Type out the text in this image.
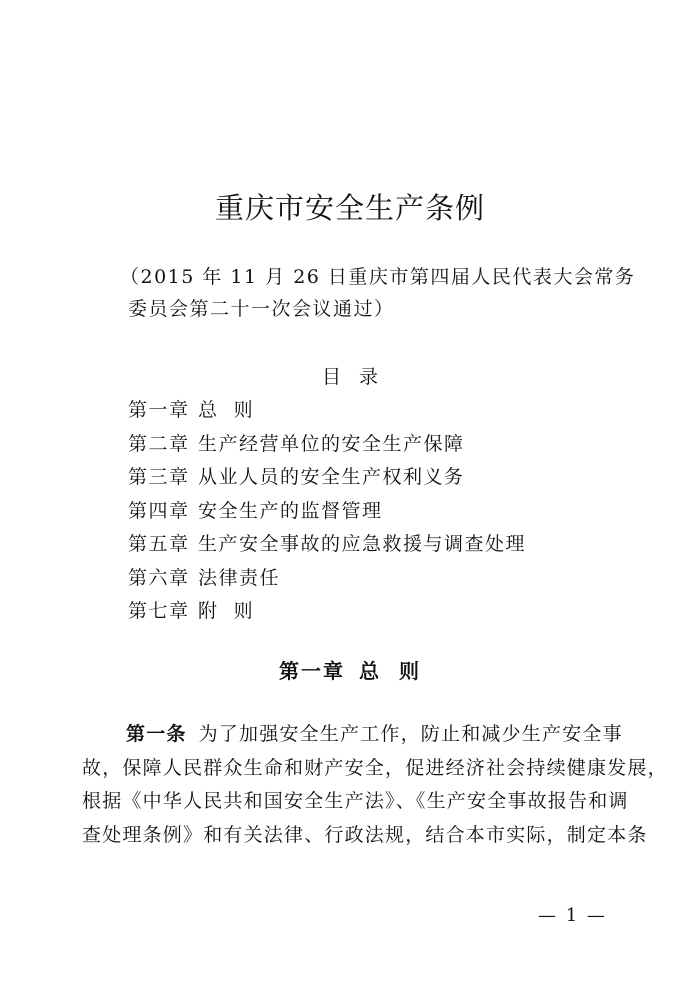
重庆市安全生产条例
（2015 年 11 月 26 日重庆市第四届人民代表大会常务
委员会第二十一次会议通过）
目录
第一章 总  则
第二章 生产经营单位的安全生产保障
第三章 从业人员的安全生产权利义务
第四章 安全生产的监督管理
第五章 生产安全事故的应急救援与调查处理
第六章 法律责任
第七章 附  则
第一章 总  则

第一条 为了加强安全生产工作，防止和减少生产安全事
故，保障人民群众生命和财产安全，促进经济社会持续健康发展，
根据《中华人民共和国安全生产法》、《生产安全事故报告和调
查处理条例》和有关法律、行政法规，结合本市实际，制定本条

— 1 —
